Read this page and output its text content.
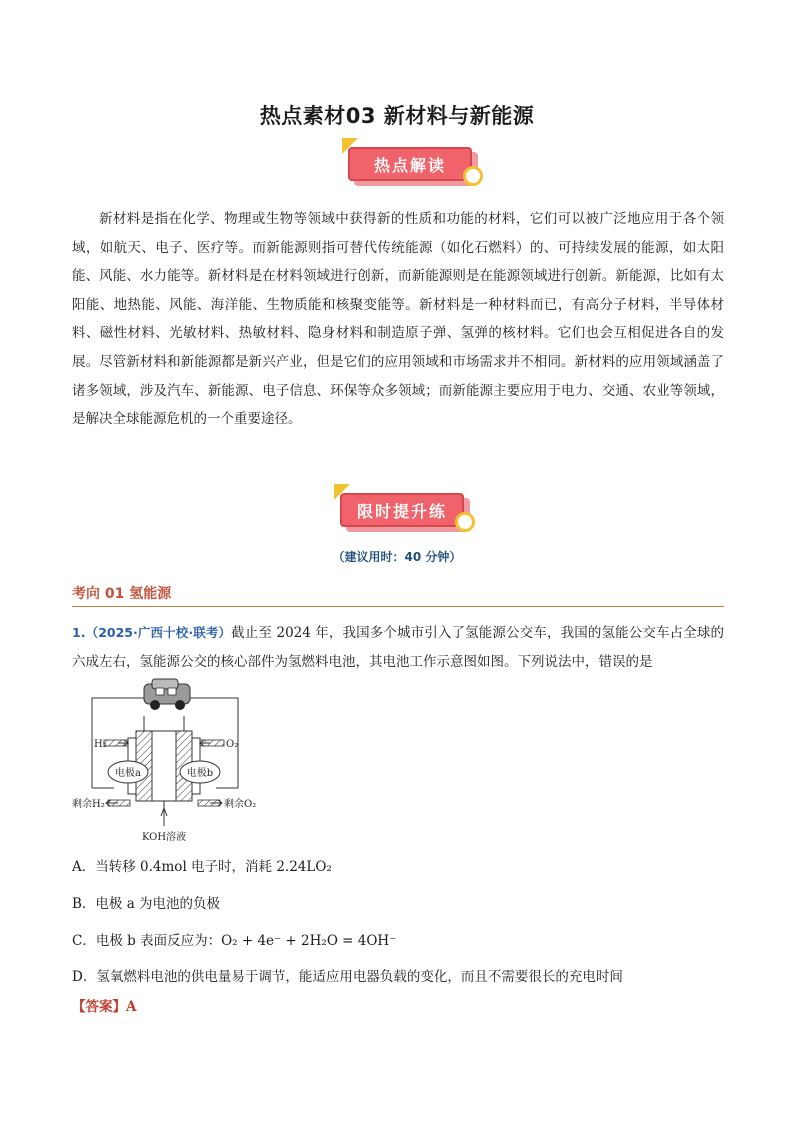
热点素材03 新材料与新能源
热点解读
新材料是指在化学、物理或生物等领域中获得新的性质和功能的材料，它们可以被广泛地应用于各个领域，如航天、电子、医疗等。而新能源则指可替代传统能源（如化石燃料）的、可持续发展的能源，如太阳能、风能、水力能等。新材料是在材料领域进行创新，而新能源则是在能源领域进行创新。新能源，比如有太阳能、地热能、风能、海洋能、生物质能和核聚变能等。新材料是一种材料而已，有高分子材料，半导体材料、磁性材料、光敏材料、热敏材料、隐身材料和制造原子弹、氢弹的核材料。它们也会互相促进各自的发展。尽管新材料和新能源都是新兴产业，但是它们的应用领域和市场需求并不相同。新材料的应用领域涵盖了诸多领域，涉及汽车、新能源、电子信息、环保等众多领域；而新能源主要应用于电力、交通、农业等领域，是解决全球能源危机的一个重要途径。
限时提升练
（建议用时：40 分钟）
考向 01 氢能源
1.（2025·广西十校·联考）截止至 2024 年，我国多个城市引入了氢能源公交车，我国的氢能公交车占全球的六成左右，氢能源公交的核心部件为氢燃料电池，其电池工作示意图如图。下列说法中，错误的是
电极a	电极b
H₂	O₂
剩余H₂	剩余O₂
KOH溶液
A．当转移 0.4mol 电子时，消耗 2.24LO₂
B．电极 a 为电池的负极
C．电极 b 表面反应为：O₂ + 4e⁻ + 2H₂O = 4OH⁻
D．氢氧燃料电池的供电量易于调节，能适应用电器负载的变化，而且不需要很长的充电时间
【答案】A
